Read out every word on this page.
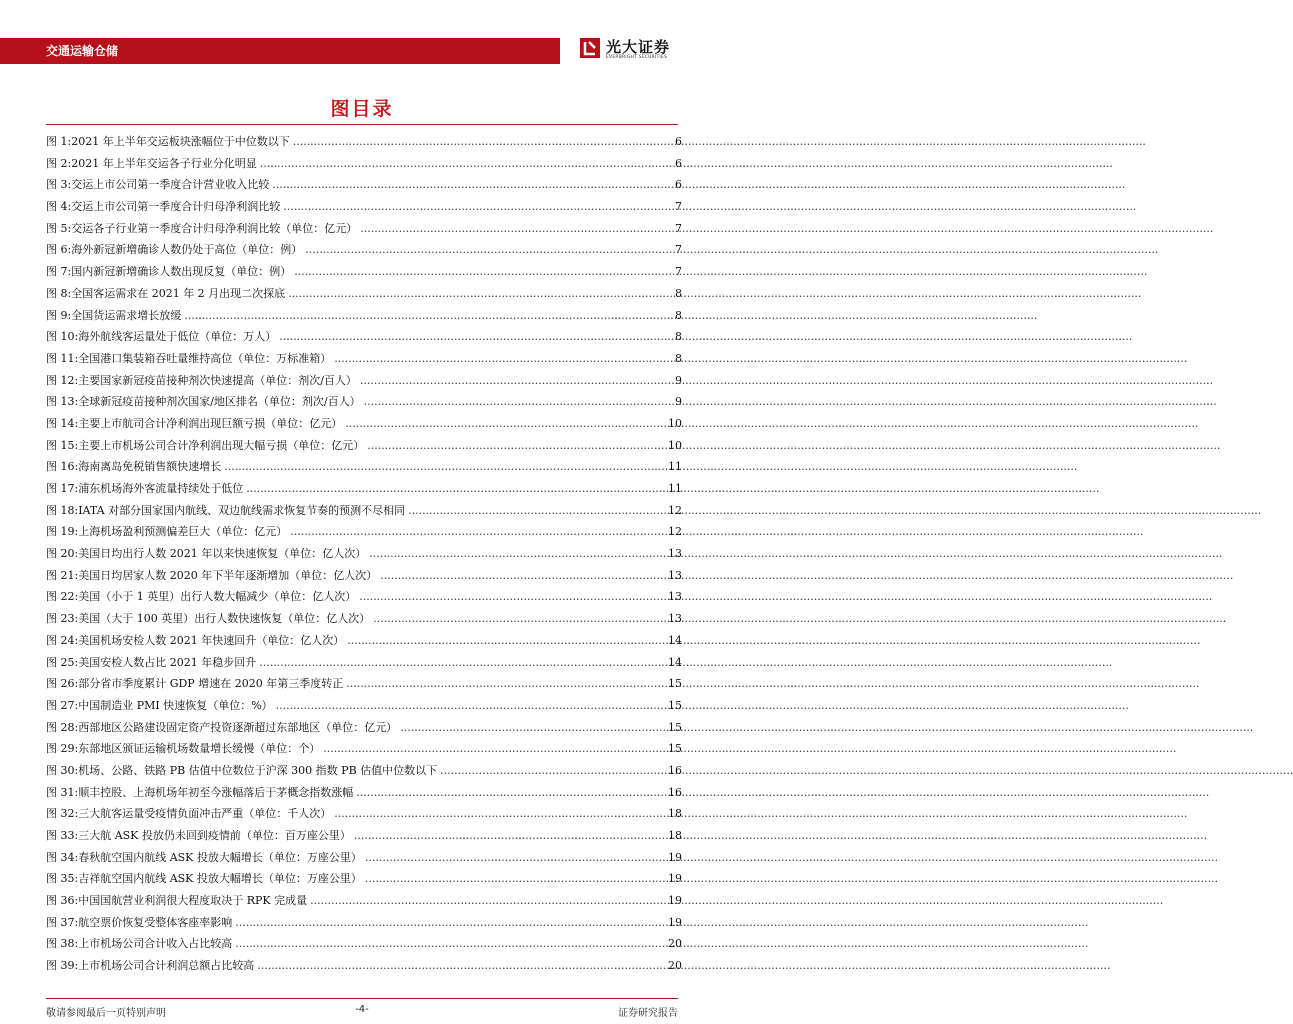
交通运输仓储	光大证券
EVERBRIGHT SECURITIES
图目录
图 1: 2021 年上半年交运板块涨幅位于中位数以下 .....	6
图 2: 2021 年上半年交运各子行业分化明显 .....	6
图 3: 交运上市公司第一季度合计营业收入比较 .....	6
图 4: 交运上市公司第一季度合计归母净利润比较 .....	7
图 5: 交运各子行业第一季度合计归母净利润比较（单位：亿元） .....	7
图 6: 海外新冠新增确诊人数仍处于高位（单位：例） .....	7
图 7: 国内新冠新增确诊人数出现反复（单位：例） .....	7
图 8: 全国客运需求在 2021 年 2 月出现二次探底 .....	8
图 9: 全国货运需求增长放缓 .....	8
图 10: 海外航线客运量处于低位（单位：万人） .....	8
图 11: 全国港口集装箱吞吐量维持高位（单位：万标准箱） .....	8
图 12: 主要国家新冠疫苗接种剂次快速提高（单位：剂次/百人） .....	9
图 13: 全球新冠疫苗接种剂次国家/地区排名（单位：剂次/百人） .....	9
图 14: 主要上市航司合计净利润出现巨额亏损（单位：亿元） .....	10
图 15: 主要上市机场公司合计净利润出现大幅亏损（单位：亿元） .....	10
图 16: 海南离岛免税销售额快速增长 .....	11
图 17: 浦东机场海外客流量持续处于低位 .....	11
图 18: IATA 对部分国家国内航线、双边航线需求恢复节奏的预测不尽相同 .....	12
图 19: 上海机场盈利预测偏差巨大（单位：亿元） .....	12
图 20: 美国日均出行人数 2021 年以来快速恢复（单位：亿人次） .....	13
图 21: 美国日均居家人数 2020 年下半年逐渐增加（单位：亿人次） .....	13
图 22: 美国（小于 1 英里）出行人数大幅减少（单位：亿人次） .....	13
图 23: 美国（大于 100 英里）出行人数快速恢复（单位：亿人次） .....	13
图 24: 美国机场安检人数 2021 年快速回升（单位：亿人次） .....	14
图 25: 美国安检人数占比 2021 年稳步回升 .....	14
图 26: 部分省市季度累计 GDP 增速在 2020 年第三季度转正 .....	15
图 27: 中国制造业 PMI 快速恢复（单位：%） .....	15
图 28: 西部地区公路建设固定资产投资逐渐超过东部地区（单位：亿元） .....	15
图 29: 东部地区颁证运输机场数量增长缓慢（单位：个） .....	15
图 30: 机场、公路、铁路 PB 估值中位数位于沪深 300 指数 PB 估值中位数以下 .....	16
图 31: 顺丰控股、上海机场年初至今涨幅落后于茅概念指数涨幅 .....	16
图 32: 三大航客运量受疫情负面冲击严重（单位：千人次） .....	18
图 33: 三大航 ASK 投放仍未回到疫情前（单位：百万座公里） .....	18
图 34: 春秋航空国内航线 ASK 投放大幅增长（单位：万座公里） .....	19
图 35: 吉祥航空国内航线 ASK 投放大幅增长（单位：万座公里） .....	19
图 36: 中国国航营业利润很大程度取决于 RPK 完成量 .....	19
图 37: 航空票价恢复受整体客座率影响 .....	19
图 38: 上市机场公司合计收入占比较高 .....	20
图 39: 上市机场公司合计利润总额占比较高 .....	20
敬请参阅最后一页特别声明	-4-	证券研究报告
